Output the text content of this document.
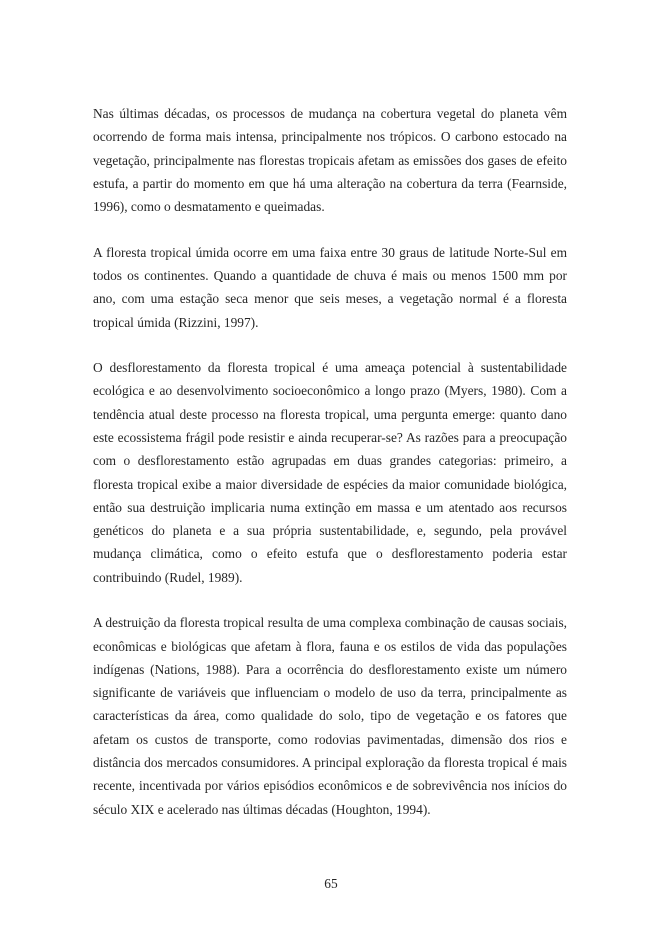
Nas últimas décadas, os processos de mudança na cobertura vegetal do planeta vêm ocorrendo de forma mais intensa, principalmente nos trópicos. O carbono estocado na vegetação, principalmente nas florestas tropicais afetam as emissões dos gases de efeito estufa, a partir do momento em que há uma alteração na cobertura da terra (Fearnside, 1996), como o desmatamento e queimadas.

A floresta tropical úmida ocorre em uma faixa entre 30 graus de latitude Norte-Sul em todos os continentes. Quando a quantidade de chuva é mais ou menos 1500 mm por ano, com uma estação seca menor que seis meses, a vegetação normal é a floresta tropical úmida (Rizzini, 1997).

O desflorestamento da floresta tropical é uma ameaça potencial à sustentabilidade ecológica e ao desenvolvimento socioeconômico a longo prazo (Myers, 1980). Com a tendência atual deste processo na floresta tropical, uma pergunta emerge: quanto dano este ecossistema frágil pode resistir e ainda recuperar-se? As razões para a preocupação com o desflorestamento estão agrupadas em duas grandes categorias: primeiro, a floresta tropical exibe a maior diversidade de espécies da maior comunidade biológica, então sua destruição implicaria numa extinção em massa e um atentado aos recursos genéticos do planeta e a sua própria sustentabilidade, e, segundo, pela provável mudança climática, como o efeito estufa que o desflorestamento poderia estar contribuindo (Rudel, 1989).

A destruição da floresta tropical resulta de uma complexa combinação de causas sociais, econômicas e biológicas que afetam à flora, fauna e os estilos de vida das populações indígenas (Nations, 1988). Para a ocorrência do desflorestamento existe um número significante de variáveis que influenciam o modelo de uso da terra, principalmente as características da área, como qualidade do solo, tipo de vegetação e os fatores que afetam os custos de transporte, como rodovias pavimentadas, dimensão dos rios e distância dos mercados consumidores. A principal exploração da floresta tropical é mais recente, incentivada por vários episódios econômicos e de sobrevivência nos inícios do século XIX e acelerado nas últimas décadas (Houghton, 1994).

65
